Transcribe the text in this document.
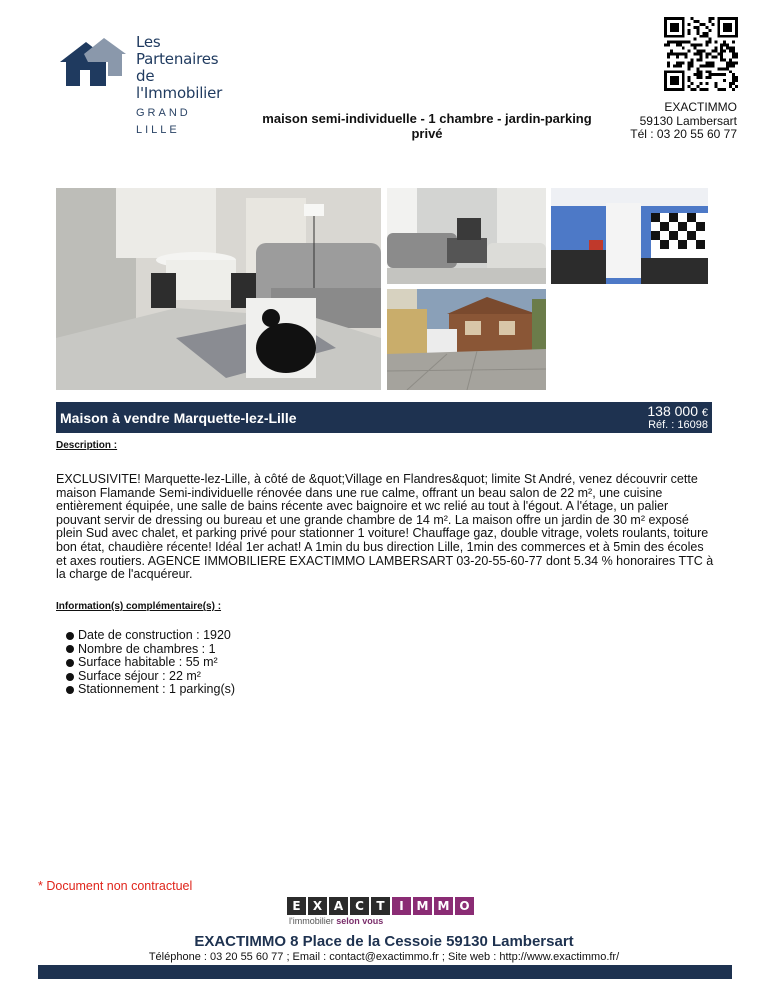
Les Partenaires
de l'Immobilier
GRAND LILLE
maison semi-individuelle - 1 chambre - jardin-parking privé
EXACTIMMO
59130 Lambersart
Tél : 03 20 55 60 77
Maison à vendre Marquette-lez-Lille	138 000 €
Réf. : 16098
Description :
EXCLUSIVITE! Marquette-lez-Lille, à côté de &quot;Village en Flandres&quot; limite St André, venez découvrir cette maison Flamande Semi-individuelle rénovée dans une rue calme, offrant un beau salon de 22 m², une cuisine entièrement équipée, une salle de bains récente avec baignoire et wc relié au tout à l'égout. A l'étage, un palier pouvant servir de dressing ou bureau et une grande chambre de 14 m². La maison offre un jardin de 30 m² exposé plein Sud avec chalet, et parking privé pour stationner 1 voiture! Chauffage gaz, double vitrage, volets roulants, toiture bon état, chaudière récente! Idéal 1er achat! A 1min du bus direction Lille, 1min des commerces et à 5min des écoles et axes routiers. AGENCE IMMOBILIERE EXACTIMMO LAMBERSART 03-20-55-60-77 dont 5.34 % honoraires TTC à la charge de l'acquéreur.
Information(s) complémentaire(s) :
Date de construction : 1920
Nombre de chambres : 1
Surface habitable : 55 m²
Surface séjour : 22 m²
Stationnement : 1 parking(s)
* Document non contractuel
E	X A C	T	I	M M O
l'immobilier selon vous
EXACTIMMO 8 Place de la Cessoie 59130 Lambersart
Téléphone : 03 20 55 60 77 ; Email : contact@exactimmo.fr ; Site web : http://www.exactimmo.fr/
